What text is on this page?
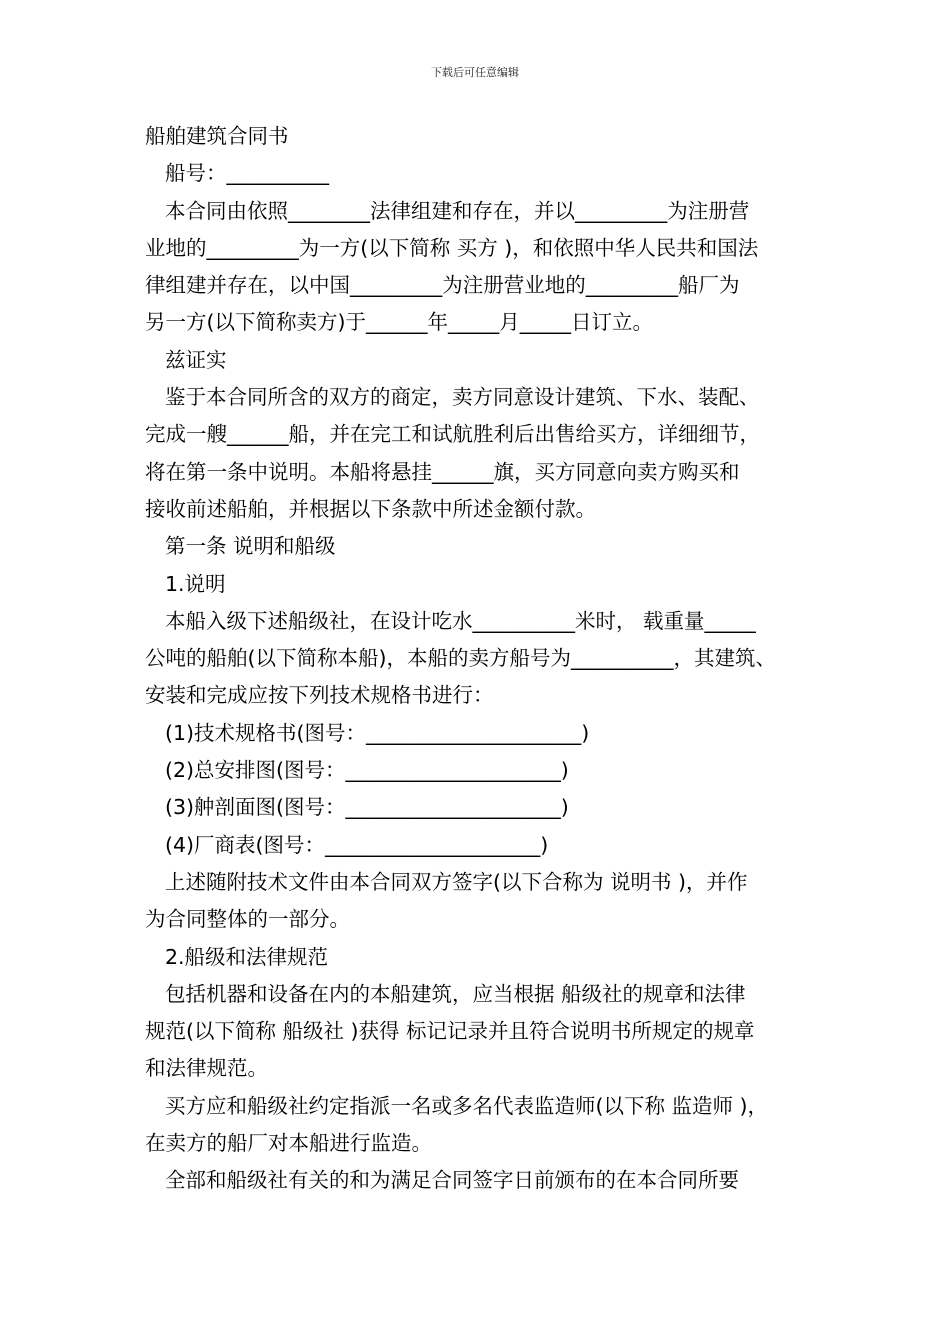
下载后可任意编辑
船舶建筑合同书
船号：__________
本合同由依照________法律组建和存在，并以_________为注册营
业地的_________为一方(以下简称 买方 )，和依照中华人民共和国法
律组建并存在，以中国_________为注册营业地的_________船厂为
另一方(以下简称卖方)于______年_____月_____日订立。
兹证实
鉴于本合同所含的双方的商定，卖方同意设计建筑、下水、装配、
完成一艘______船，并在完工和试航胜利后出售给买方，详细细节，
将在第一条中说明。本船将悬挂______旗，买方同意向卖方购买和
接收前述船舶，并根据以下条款中所述金额付款。
第一条 说明和船级
1.说明
本船入级下述船级社，在设计吃水__________米时， 载重量_____
公吨的船舶(以下简称本船)，本船的卖方船号为__________，其建筑、
安装和完成应按下列技术规格书进行：
(1)技术规格书(图号：_____________________)
(2)总安排图(图号：_____________________)
(3)舯剖面图(图号：_____________________)
(4)厂商表(图号：_____________________)
上述随附技术文件由本合同双方签字(以下合称为 说明书 )，并作
为合同整体的一部分。
2.船级和法律规范
包括机器和设备在内的本船建筑，应当根据 船级社的规章和法律
规范(以下简称 船级社 )获得 标记记录并且符合说明书所规定的规章
和法律规范。
买方应和船级社约定指派一名或多名代表监造师(以下称 监造师 )，
在卖方的船厂对本船进行监造。
全部和船级社有关的和为满足合同签字日前颁布的在本合同所要
